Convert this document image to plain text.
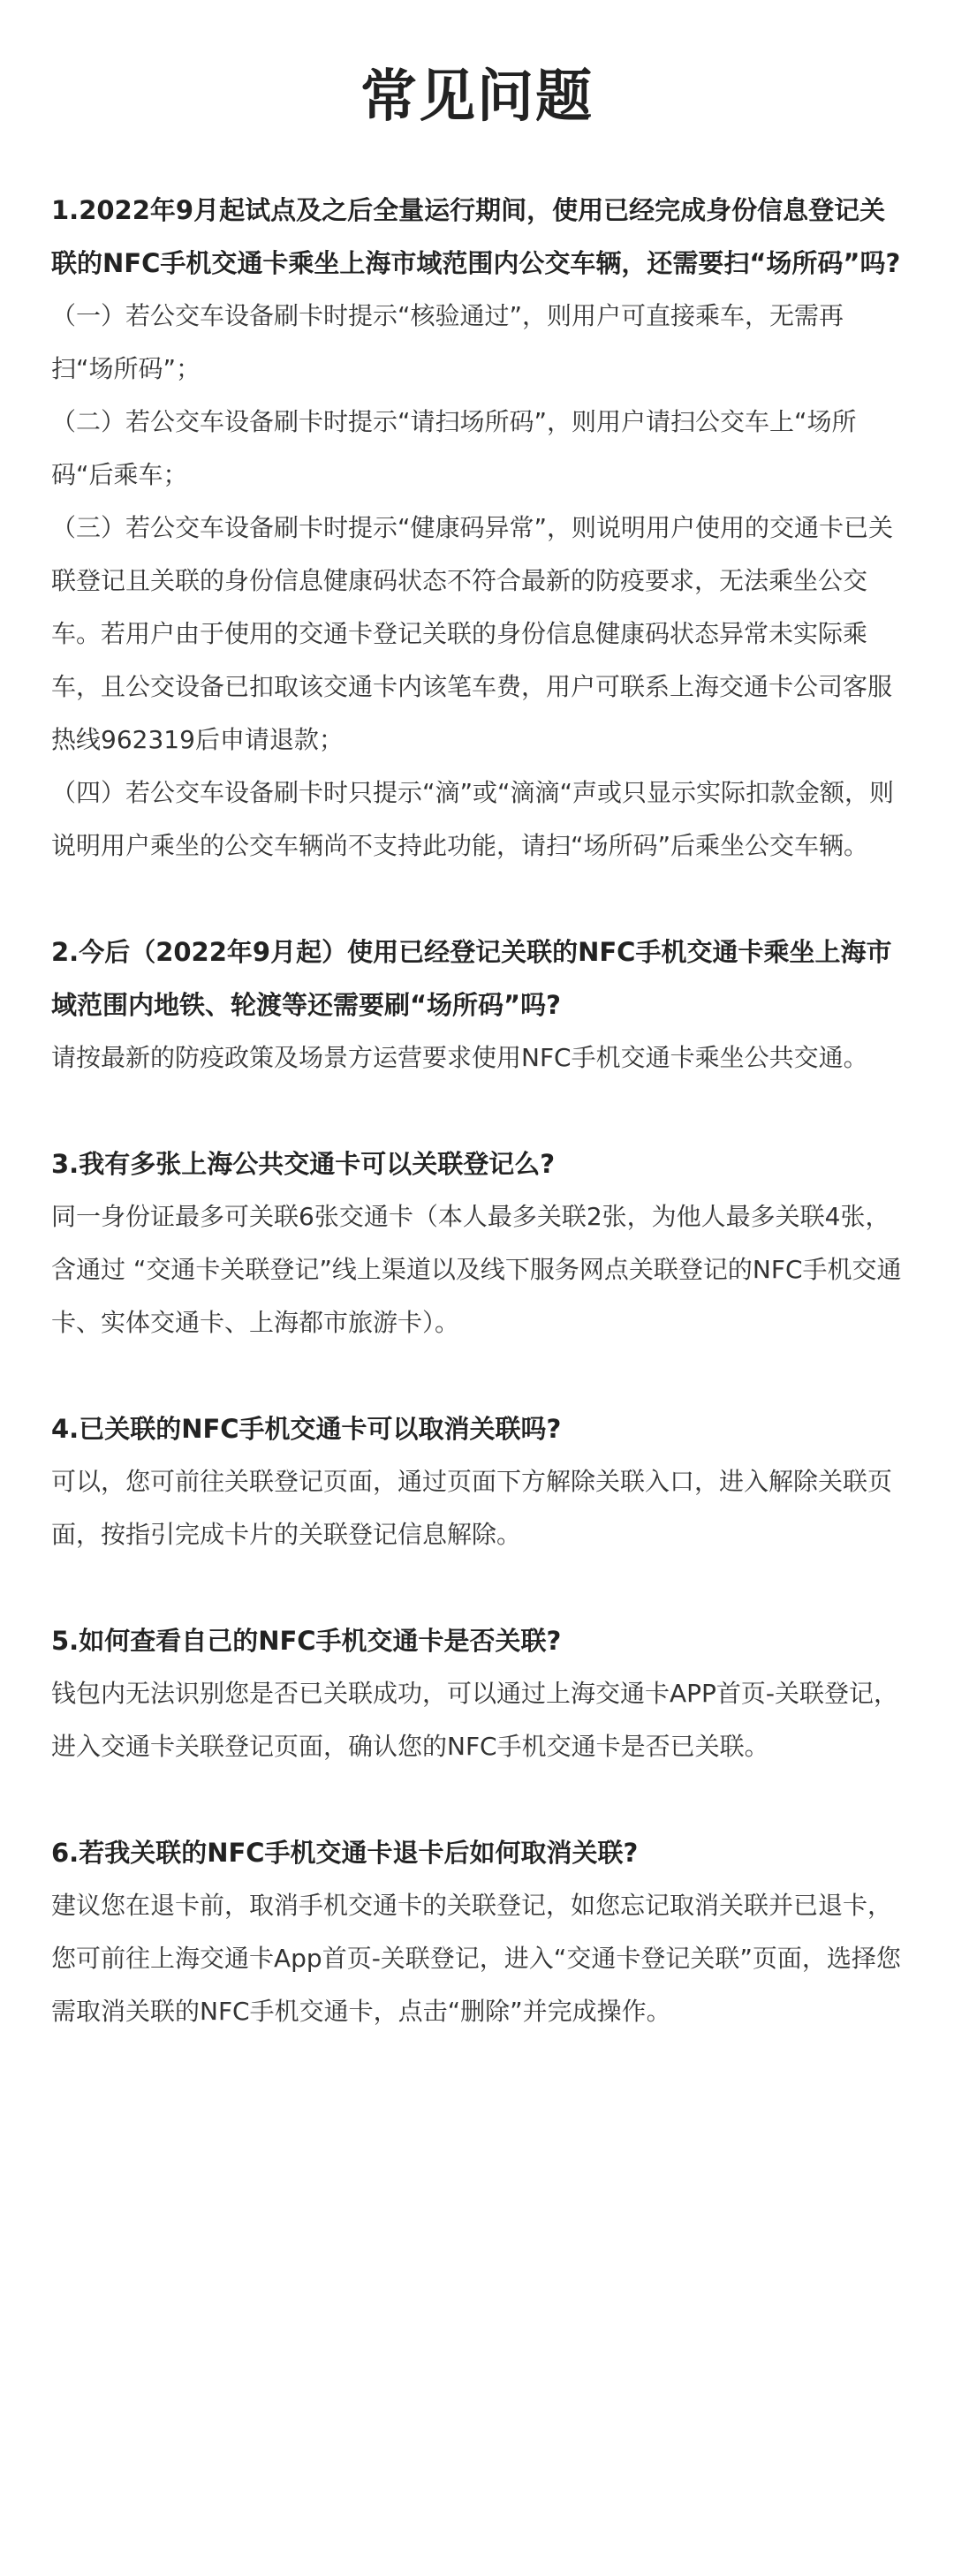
常见问题

1.2022年9月起试点及之后全量运行期间，使用已经完成身份信息登记关联的NFC手机交通卡乘坐上海市域范围内公交车辆，还需要扫“场所码”吗?

（一）若公交车设备刷卡时提示“核验通过”，则用户可直接乘车，无需再扫“场所码”；

（二）若公交车设备刷卡时提示“请扫场所码”，则用户请扫公交车上“场所码“后乘车；

（三）若公交车设备刷卡时提示“健康码异常”，则说明用户使用的交通卡已关联登记且关联的身份信息健康码状态不符合最新的防疫要求，无法乘坐公交车。若用户由于使用的交通卡登记关联的身份信息健康码状态异常未实际乘车，且公交设备已扣取该交通卡内该笔车费，用户可联系上海交通卡公司客服热线962319后申请退款；

（四）若公交车设备刷卡时只提示“滴”或“滴滴“声或只显示实际扣款金额，则说明用户乘坐的公交车辆尚不支持此功能，请扫“场所码”后乘坐公交车辆。

2.今后（2022年9月起）使用已经登记关联的NFC手机交通卡乘坐上海市域范围内地铁、轮渡等还需要刷“场所码”吗?

请按最新的防疫政策及场景方运营要求使用NFC手机交通卡乘坐公共交通。

3.我有多张上海公共交通卡可以关联登记么?

同一身份证最多可关联6张交通卡（本人最多关联2张，为他人最多关联4张，含通过 “交通卡关联登记”线上渠道以及线下服务网点关联登记的NFC手机交通卡、实体交通卡、上海都市旅游卡）。

4.已关联的NFC手机交通卡可以取消关联吗?

可以，您可前往关联登记页面，通过页面下方解除关联入口，进入解除关联页面，按指引完成卡片的关联登记信息解除。

5.如何查看自己的NFC手机交通卡是否关联?

钱包内无法识别您是否已关联成功，可以通过上海交通卡APP首页-关联登记，进入交通卡关联登记页面，确认您的NFC手机交通卡是否已关联。

6.若我关联的NFC手机交通卡退卡后如何取消关联?

建议您在退卡前，取消手机交通卡的关联登记，如您忘记取消关联并已退卡，您可前往上海交通卡App首页-关联登记，进入“交通卡登记关联”页面，选择您需取消关联的NFC手机交通卡，点击“删除”并完成操作。
